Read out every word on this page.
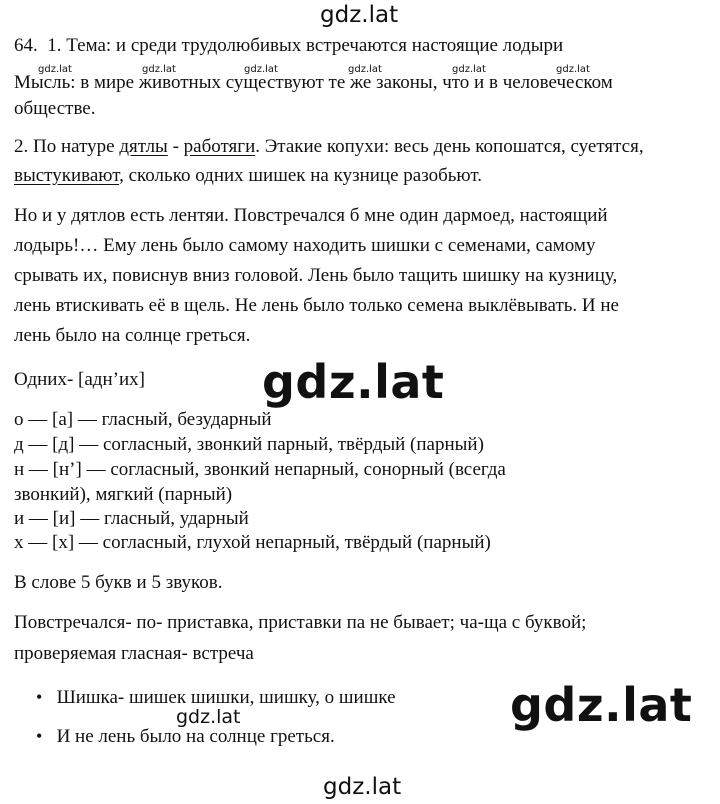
gdz.lat
64. 1. Тема: и среди трудолюбивых встречаются настоящие лодыри
gdz.lat	gdz.lat	gdz.lat	gdz.lat	gdz.lat	gdz.lat
Мысль: в мире животных существуют те же законы, что и в человеческом
обществе.
2. По натуре дятлы - работяги. Этакие копухи: весь день копошатся, суетятся,
выстукивают, сколько одних шишек на кузнице разобьют.
Но и у дятлов есть лентяи. Повстречался б мне один дармоед, настоящий
лодырь!… Ему лень было самому находить шишки с семенами, самому
срывать их, повиснув вниз головой. Лень было тащить шишку на кузницу,
лень втискивать её в щель. Не лень было только семена выклёвывать. И не
лень было на солнце греться.
Одних- [адн’их]	gdz.lat
о — [а] — гласный, безударный
д — [д] — согласный, звонкий парный, твёрдый (парный)
н — [н’] — согласный, звонкий непарный, сонорный (всегда
звонкий), мягкий (парный)
и — [и] — гласный, ударный
х — [х] — согласный, глухой непарный, твёрдый (парный)
В слове 5 букв и 5 звуков.
Повстречался- по- приставка, приставки па не бывает; ча-ща с буквой;
проверяемая гласная- встреча
• Шишка- шишек шишки, шишку, о шишке
gdz.lat	gdz.lat
• И не лень было на солнце греться.
gdz.lat
